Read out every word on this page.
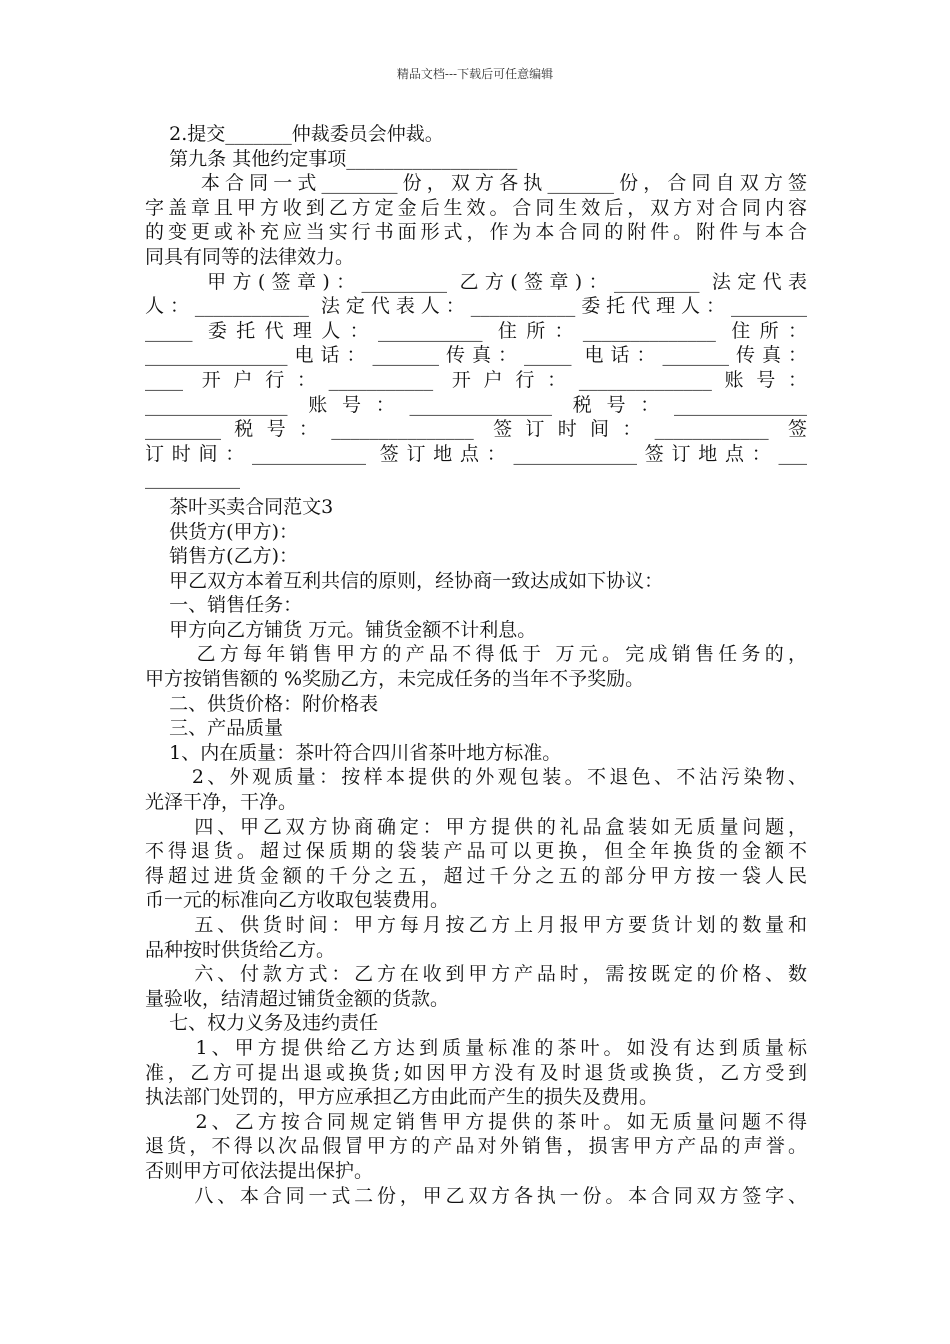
精品文档---下载后可任意编辑
2.提交_______仲裁委员会仲裁。
第九条 其他约定事项__________________
本合同一式________份，双方各执_______份，合同自双方签
字盖章且甲方收到乙方定金后生效。合同生效后，双方对合同内容
的变更或补充应当实行书面形式，作为本合同的附件。附件与本合
同具有同等的法律效力。
甲方(签章)：_________ 乙方(签章)：_________ 法定代表
人：____________ 法定代表人：___________委托代理人：________
_____ 委托代理人：___________ 住所：______________ 住所：
_______________电话：_______传真：_____ 电话：_______传真：
____ 开户行：___________ 开户行：______________账号：
_______________ 账号：_______________ 税号：______________
________税号：_______________ 签订时间：____________ 签
订时间：____________ 签订地点：_____________签订地点：___
__________
茶叶买卖合同范文3
供货方(甲方)：
销售方(乙方)：
甲乙双方本着互利共信的原则，经协商一致达成如下协议：
一、销售任务：
甲方向乙方铺货 万元。铺货金额不计利息。
乙方每年销售甲方的产品不得低于 万元。完成销售任务的，
甲方按销售额的 %奖励乙方，未完成任务的当年不予奖励。
二、供货价格：附价格表
三、产品质量
1、内在质量：茶叶符合四川省茶叶地方标准。
2、外观质量：按样本提供的外观包装。不退色、不沾污染物、
光泽干净，干净。
四、甲乙双方协商确定：甲方提供的礼品盒装如无质量问题，
不得退货。超过保质期的袋装产品可以更换，但全年换货的金额不
得超过进货金额的千分之五，超过千分之五的部分甲方按一袋人民
币一元的标准向乙方收取包装费用。
五、供货时间：甲方每月按乙方上月报甲方要货计划的数量和
品种按时供货给乙方。
六、付款方式：乙方在收到甲方产品时，需按既定的价格、数
量验收，结清超过铺货金额的货款。
七、权力义务及违约责任
1、甲方提供给乙方达到质量标准的茶叶。如没有达到质量标
准，乙方可提出退或换货;如因甲方没有及时退货或换货，乙方受到
执法部门处罚的，甲方应承担乙方由此而产生的损失及费用。
2、乙方按合同规定销售甲方提供的茶叶。如无质量问题不得
退货，不得以次品假冒甲方的产品对外销售，损害甲方产品的声誉。
否则甲方可依法提出保护。
八、本合同一式二份，甲乙双方各执一份。本合同双方签字、
